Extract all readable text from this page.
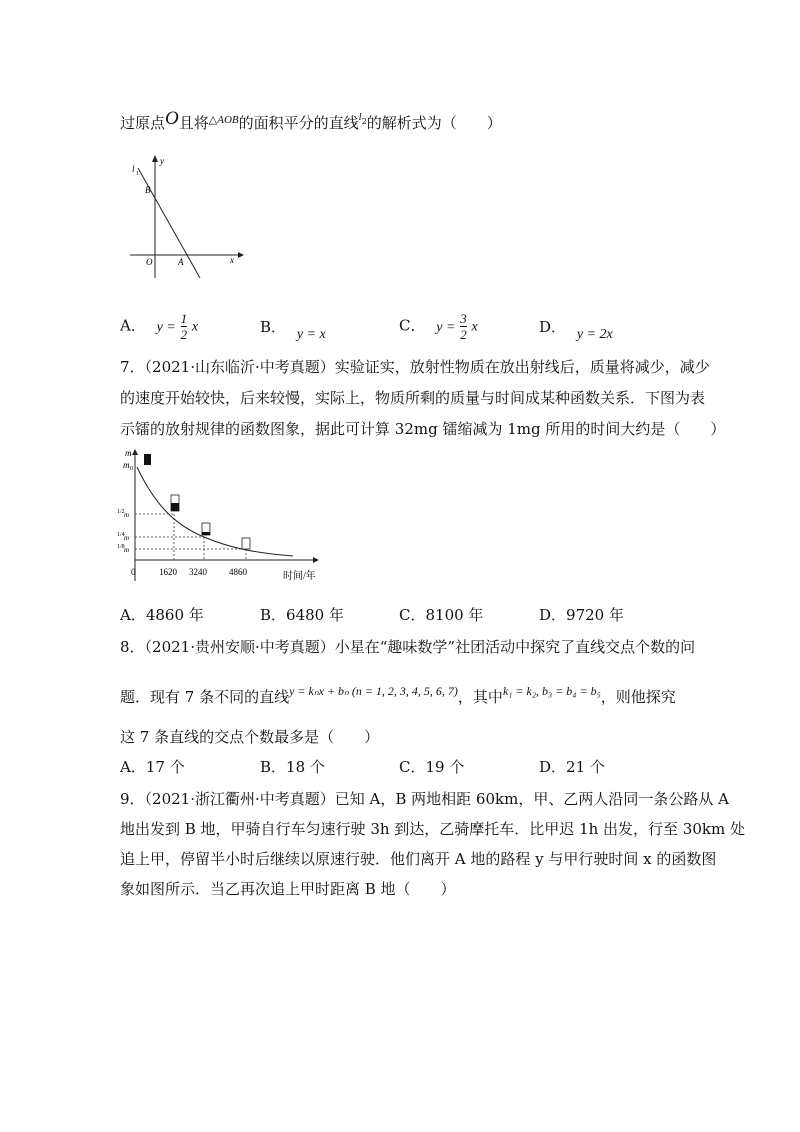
过原点O且将$^{\triangle AOB}$的面积平分的直线$^{l2}$的解析式为（　　）
l 1
y
x
B
O	A
A． $y = \frac{1}{2}$ x	B． y = x	C． $y = \frac{3}{2}$ x	D． y = 2x
7．（2021·山东临沂·中考真题）实验证实，放射性物质在放出射线后，质量将减少，减少
的速度开始较快，后来较慢，实际上，物质所剩的质量与时间成某种函数关系．下图为表
示镭的放射规律的函数图象，据此可计算 32mg 镭缩减为 1mg 所用的时间大约是（　　）
m
m 0
1/2 m
1/4 m
1/8 m
0	1620 3240 4860	时间/年
A．4860 年	B．6480 年	C．8100 年	D．9720 年
8．（2021·贵州安顺·中考真题）小星在“趣味数学”社团活动中探究了直线交点个数的问
题．现有 7 条不同的直线$^{y = k_nx + b_n (n = 1, 2, 3, 4, 5, 6, 7)}$，其中$^{k_1 = k_2, b_3 = b_4 = b_5}$，则他探究
这 7 条直线的交点个数最多是（　　）
A．17 个	B．18 个	C．19 个	D．21 个
9．（2021·浙江衢州·中考真题）已知 A，B 两地相距 60km，甲、乙两人沿同一条公路从 A
地出发到 B 地，甲骑自行车匀速行驶 3h 到达，乙骑摩托车．比甲迟 1h 出发，行至 30km 处
追上甲，停留半小时后继续以原速行驶．他们离开 A 地的路程 y 与甲行驶时间 x 的函数图
象如图所示．当乙再次追上甲时距离 B 地（　　）
